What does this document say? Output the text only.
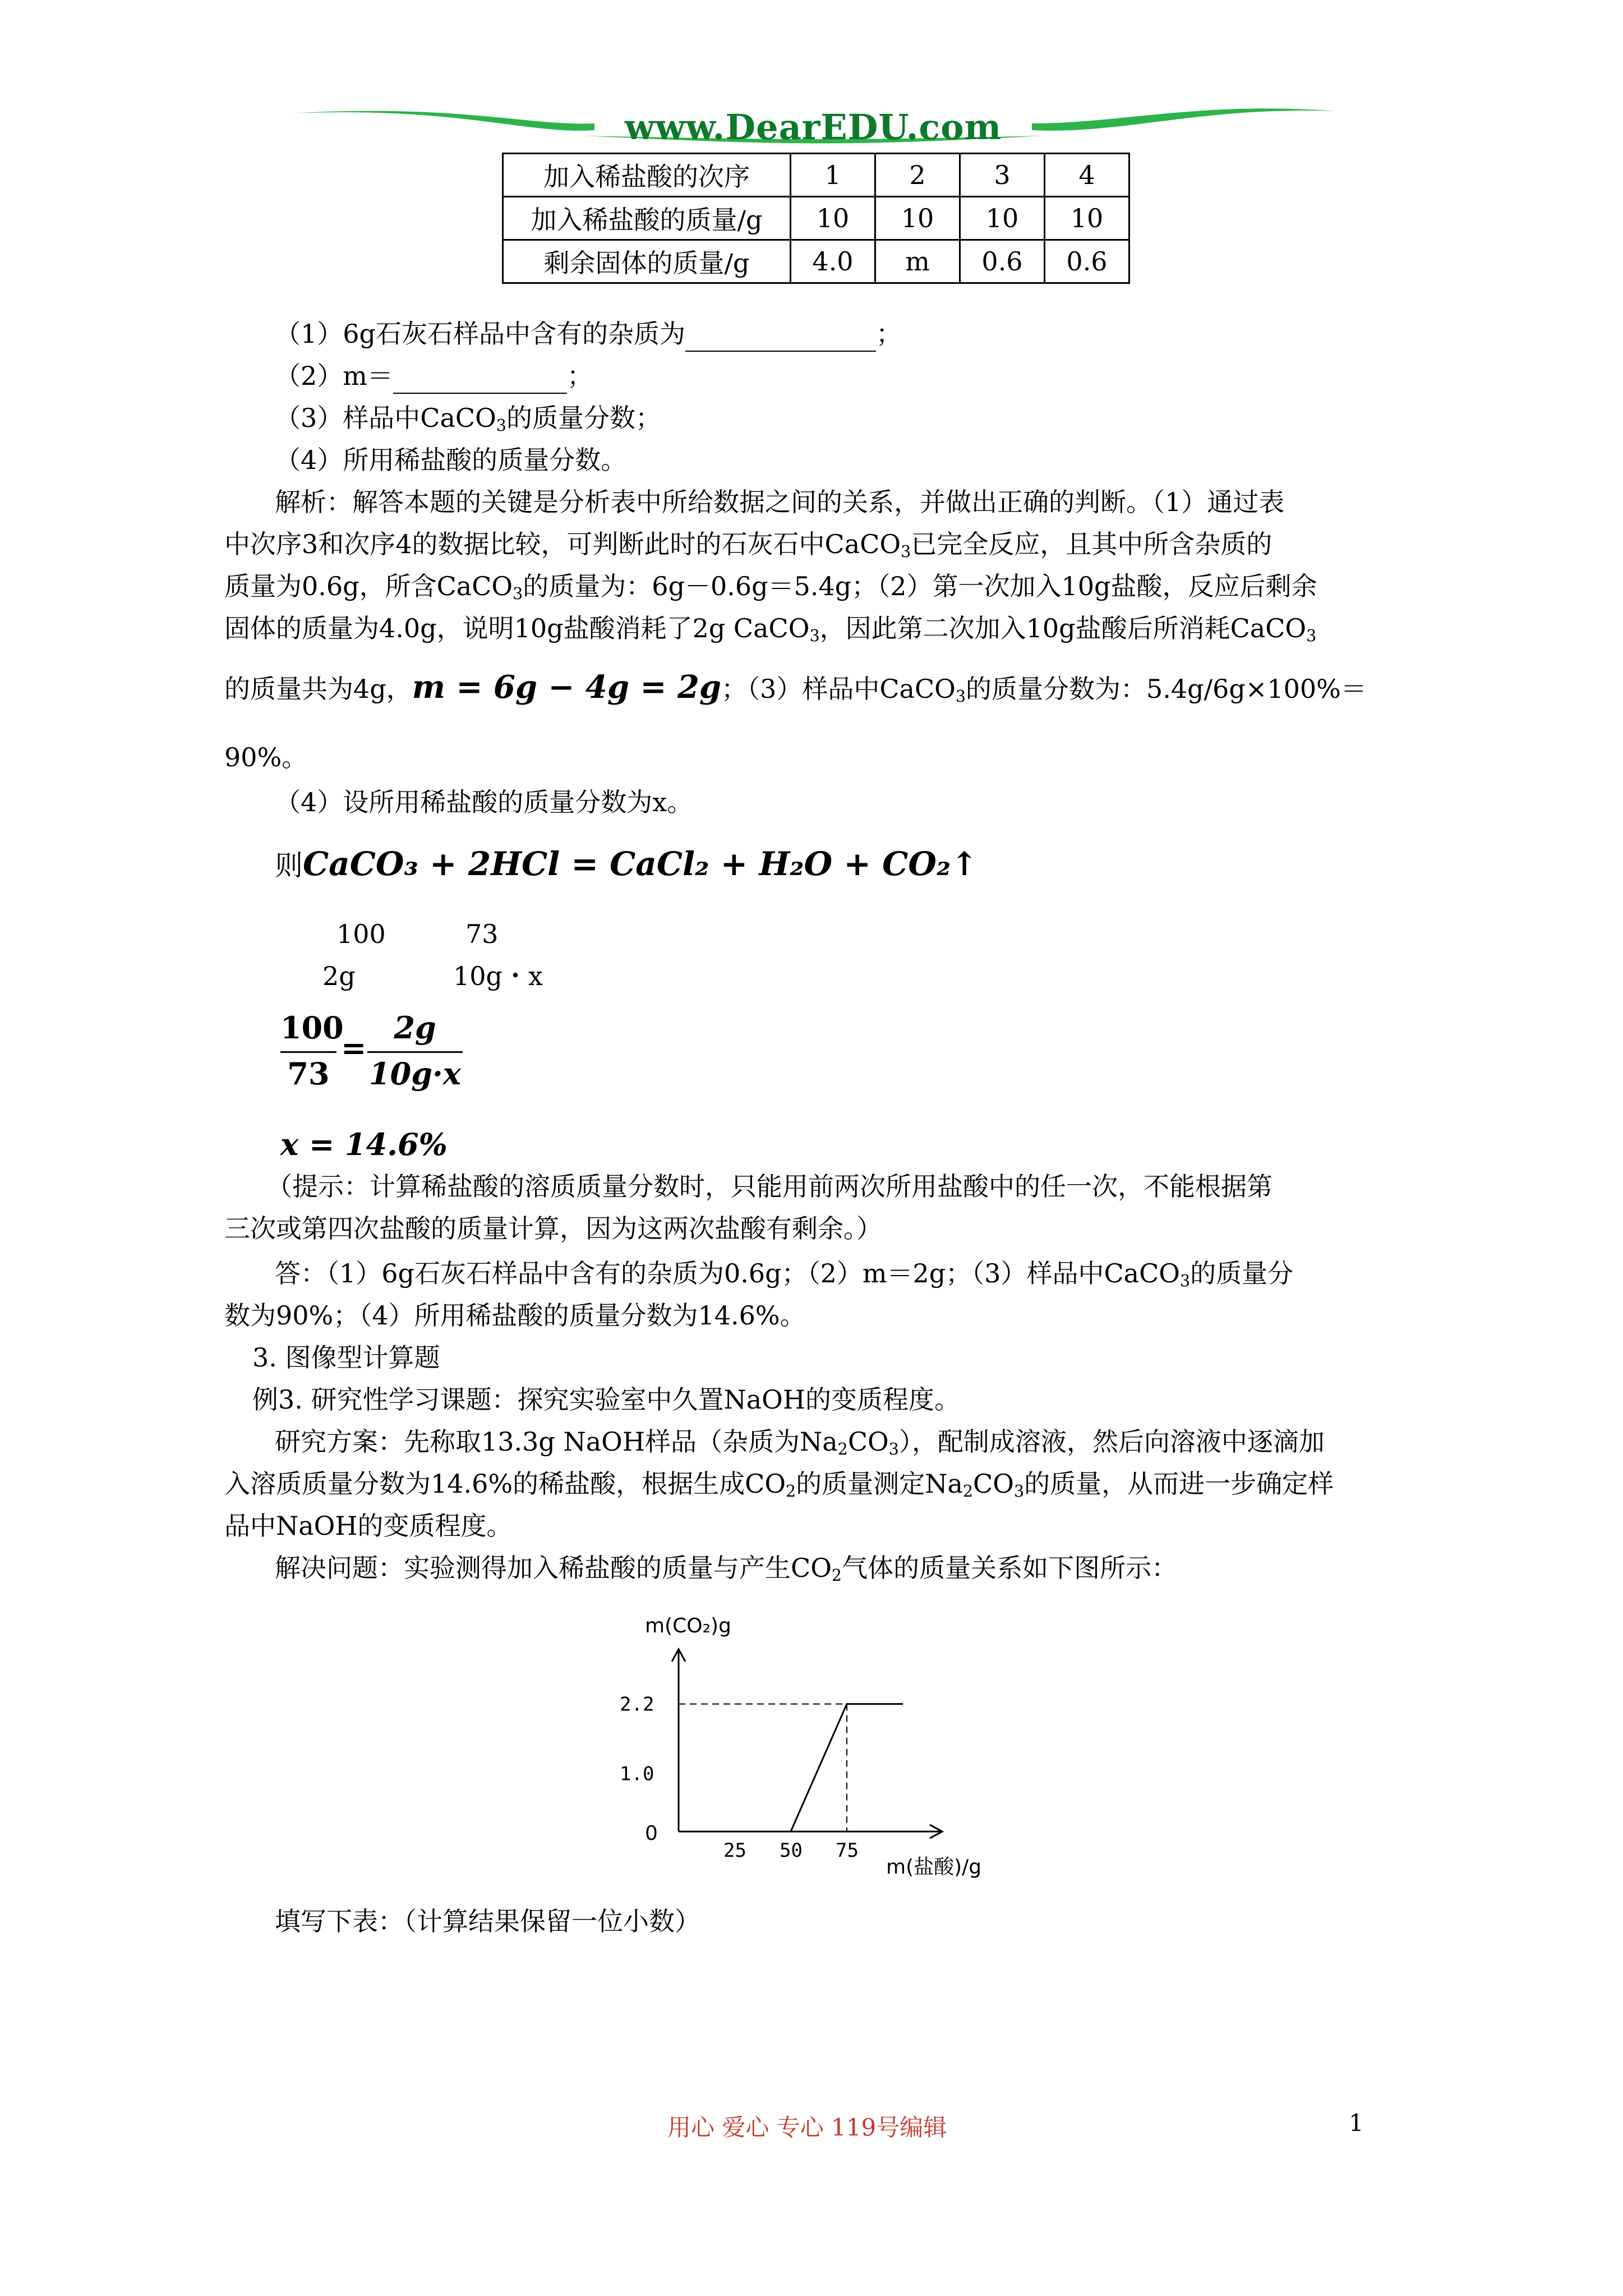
www.DearEDU.com
加入稀盐酸的次序	1	2	3	4
加入稀盐酸的质量/g	10	10	10	10
剩余固体的质量/g	4.0	m	0.6	0.6
（1）6g石灰石样品中含有的杂质为	；
（2）m＝	；
（3）样品中CaCO$_3$的质量分数；
（4）所用稀盐酸的质量分数。
解析：解答本题的关键是分析表中所给数据之间的关系，并做出正确的判断。（1）通过表
中次序3和次序4的数据比较，可判断此时的石灰石中CaCO$_3$已完全反应，且其中所含杂质的
质量为0.6g，所含CaCO$_3$的质量为：6g－0.6g＝5.4g；（2）第一次加入10g盐酸，反应后剩余
固体的质量为4.0g，说明10g盐酸消耗了2g CaCO$_3$，因此第二次加入10g盐酸后所消耗CaCO$_3$
的质量共为4g，m = 6g − 4g = 2g；（3）样品中CaCO$_3$的质量分数为：5.4g/6g×100%＝
90%。
（4）设所用稀盐酸的质量分数为x。
则CaCO₃ + 2HCl = CaCl₂ + H₂O + CO₂↑
100	73
2g	10g・x
100
73
=
2g
10g·x
x = 14.6%
（提示：计算稀盐酸的溶质质量分数时，只能用前两次所用盐酸中的任一次，不能根据第
三次或第四次盐酸的质量计算，因为这两次盐酸有剩余。）
答：（1）6g石灰石样品中含有的杂质为0.6g；（2）m＝2g；（3）样品中CaCO$_3$的质量分
数为90%；（4）所用稀盐酸的质量分数为14.6%。
3. 图像型计算题
例3. 研究性学习课题：探究实验室中久置NaOH的变质程度。
研究方案：先称取13.3g NaOH样品（杂质为$Na_2CO_3$），配制成溶液，然后向溶液中逐滴加
入溶质质量分数为14.6%的稀盐酸，根据生成$CO_2$的质量测定$Na_2CO_3$的质量，从而进一步确定样
品中NaOH的变质程度。
解决问题：实验测得加入稀盐酸的质量与产生$CO_2$气体的质量关系如下图所示：
m(CO₂)g
m(盐酸)/g
0
25 50 75
1.0
2.2
填写下表：（计算结果保留一位小数）
用心 爱心 专心 119号编辑	1
